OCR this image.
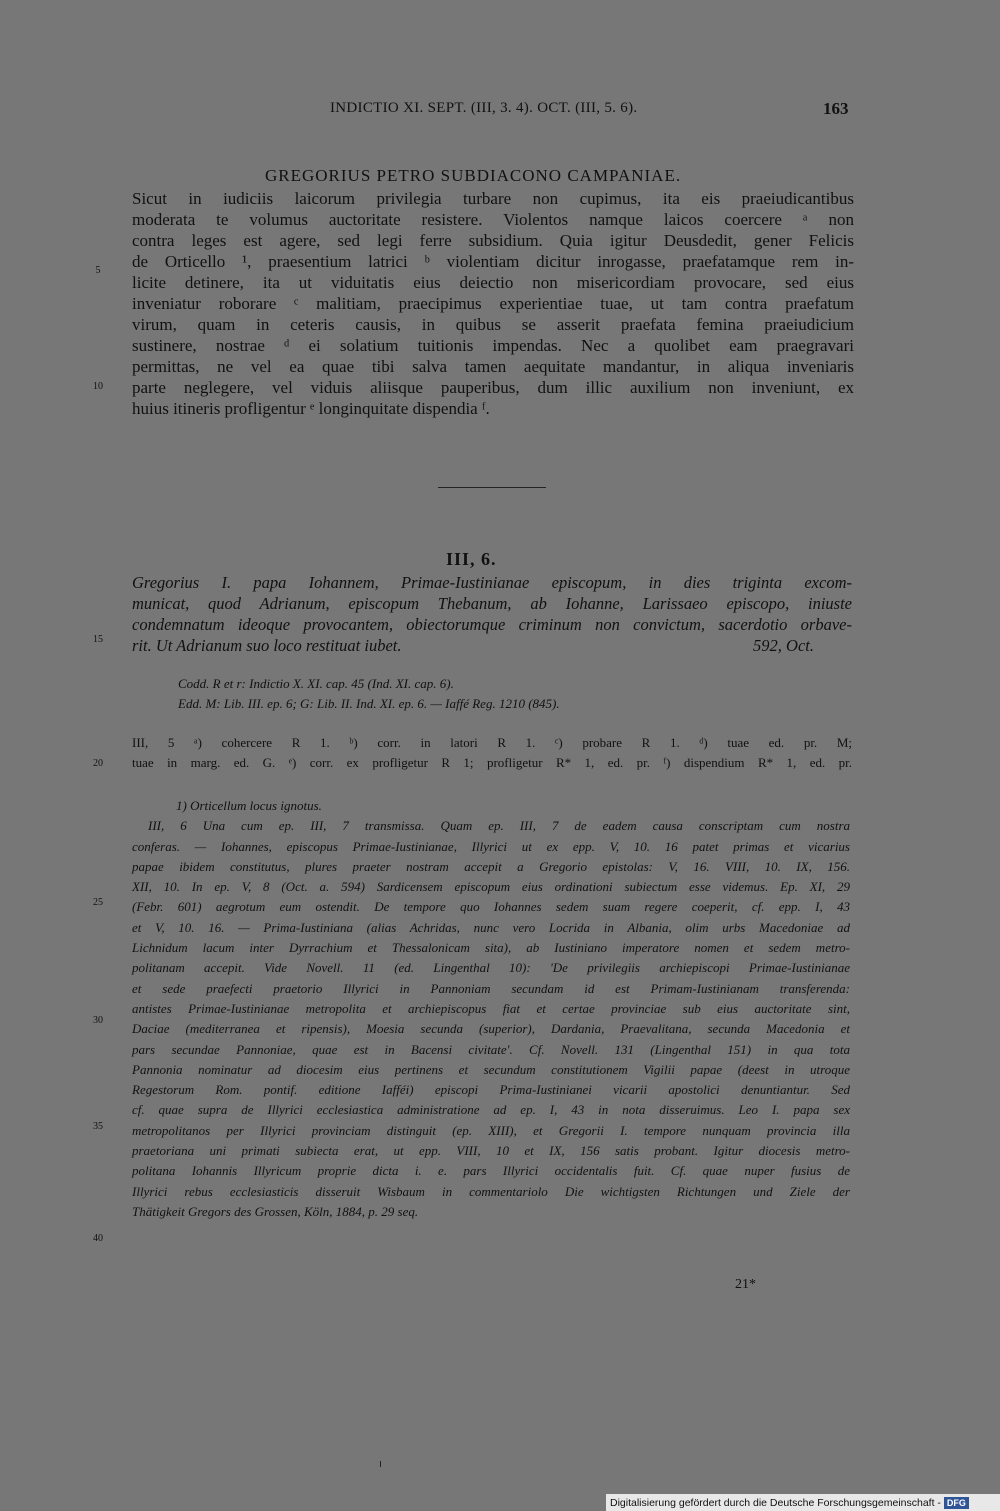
INDICTIO XI. SEPT. (III, 3. 4). OCT. (III, 5. 6).	163
GREGORIUS PETRO SUBDIACONO CAMPANIAE.
Sicut in iudiciis laicorum privilegia turbare non cupimus, ita eis praeiudicantibus
moderata te volumus auctoritate resistere. Violentos namque laicos coercere ᵃ non
contra leges est agere, sed legi ferre subsidium. Quia igitur Deusdedit, gener Felicis
de Orticello ¹, praesentium latrici ᵇ violentiam dicitur inrogasse, praefatamque rem in-
licite detinere, ita ut viduitatis eius deiectio non misericordiam provocare, sed eius
inveniatur roborare ᶜ malitiam, praecipimus experientiae tuae, ut tam contra praefatum
virum, quam in ceteris causis, in quibus se asserit praefata femina praeiudicium
sustinere, nostrae ᵈ ei solatium tuitionis impendas. Nec a quolibet eam praegravari
permittas, ne vel ea quae tibi salva tamen aequitate mandantur, in aliqua inveniaris
parte neglegere, vel viduis aliisque pauperibus, dum illic auxilium non inveniunt, ex
huius itineris profligentur ᵉ longinquitate dispendia ᶠ.
5
10
III, 6.
Gregorius I. papa Iohannem, Primae-Iustinianae episcopum, in dies triginta excom-
municat, quod Adrianum, episcopum Thebanum, ab Iohanne, Larissaeo episcopo, iniuste
condemnatum ideoque provocantem, obiectorumque criminum non convictum, sacerdotio orbave-
rit. Ut Adrianum suo loco restituat iubet.	592, Oct.
15
Codd. R et r: Indictio X. XI. cap. 45 (Ind. XI. cap. 6).
Edd. M: Lib. III. ep. 6; G: Lib. II. Ind. XI. ep. 6. — Iaffé Reg. 1210 (845).
III, 5 ᵃ) cohercere R 1. ᵇ) corr. in latori R 1. ᶜ) probare R 1. ᵈ) tuae ed. pr. M;
tuae in marg. ed. G. ᵉ) corr. ex profligetur R 1; profligetur R* 1, ed. pr. ᶠ) dispendium R* 1, ed. pr.
20
1) Orticellum locus ignotus.
III, 6 Una cum ep. III, 7 transmissa. Quam ep. III, 7 de eadem causa conscriptam cum nostra
conferas. — Iohannes, episcopus Primae-Iustinianae, Illyrici ut ex epp. V, 10. 16 patet primas et vicarius
papae ibidem constitutus, plures praeter nostram accepit a Gregorio epistolas: V, 16. VIII, 10. IX, 156.
XII, 10. In ep. V, 8 (Oct. a. 594) Sardicensem episcopum eius ordinationi subiectum esse videmus. Ep. XI, 29
(Febr. 601) aegrotum eum ostendit. De tempore quo Iohannes sedem suam regere coeperit, cf. epp. I, 43
et V, 10. 16. — Prima-Iustiniana (alias Achridas, nunc vero Locrida in Albania, olim urbs Macedoniae ad
Lichnidum lacum inter Dyrrachium et Thessalonicam sita), ab Iustiniano imperatore nomen et sedem metro-
politanam accepit. Vide Novell. 11 (ed. Lingenthal 10): 'De privilegiis archiepiscopi Primae-Iustinianae
et sede praefecti praetorio Illyrici in Pannoniam secundam id est Primam-Iustinianam transferenda:
antistes Primae-Iustinianae metropolita et archiepiscopus fiat et certae provinciae sub eius auctoritate sint,
Daciae (mediterranea et ripensis), Moesia secunda (superior), Dardania, Praevalitana, secunda Macedonia et
pars secundae Pannoniae, quae est in Bacensi civitate'. Cf. Novell. 131 (Lingenthal 151) in qua tota
Pannonia nominatur ad diocesim eius pertinens et secundum constitutionem Vigilii papae (deest in utroque
Regestorum Rom. pontif. editione Iafféi) episcopi Prima-Iustinianei vicarii apostolici denuntiantur. Sed
cf. quae supra de Illyrici ecclesiastica administratione ad ep. I, 43 in nota disseruimus. Leo I. papa sex
metropolitanos per Illyrici provinciam distinguit (ep. XIII), et Gregorii I. tempore nunquam provincia illa
praetoriana uni primati subiecta erat, ut epp. VIII, 10 et IX, 156 satis probant. Igitur diocesis metro-
politana Iohannis Illyricum proprie dicta i. e. pars Illyrici occidentalis fuit. Cf. quae nuper fusius de
Illyrici rebus ecclesiasticis disseruit Wisbaum in commentariolo Die wichtigsten Richtungen und Ziele der
Thätigkeit Gregors des Grossen, Köln, 1884, p. 29 seq.
25
30
35
40
21*
Digitalisierung gefördert durch die Deutsche Forschungsgemeinschaft - DFG
